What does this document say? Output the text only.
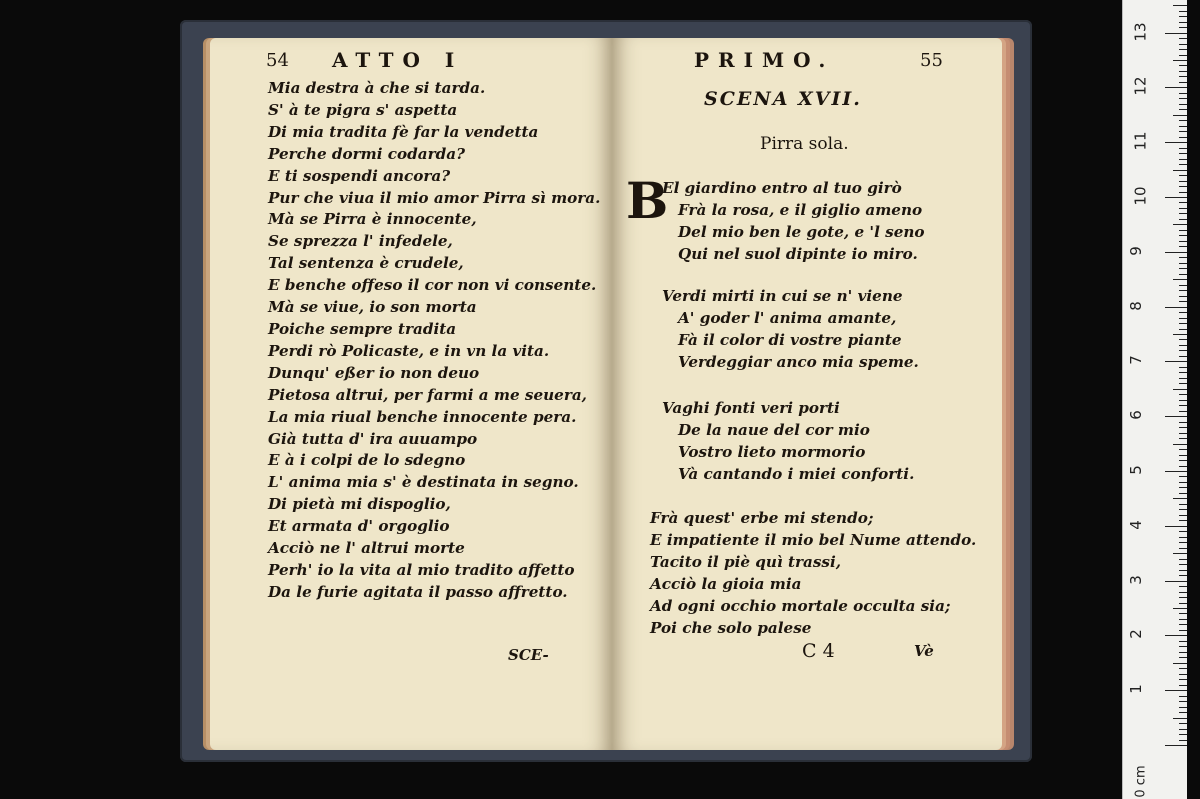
54 ATTO I
Mia destra à che si tarda.
S' à te pigra s' aspetta
Di mia tradita fè far la vendetta
Perche dormi codarda?
E ti sospendi ancora?
Pur che viua il mio amor Pirra sì mora.
Mà se Pirra è innocente,
Se sprezza l' infedele,
Tal sentenza è crudele,
E benche offeso il cor non vi consente.
Mà se viue, io son morta
Poiche sempre tradita
Perdi rò Policaste, e in vn la vita.
Dunqu' eßer io non deuo
Pietosa altrui, per farmi a me seuera,
La mia riual benche innocente pera.
Già tutta d' ira auuampo
E à i colpi de lo sdegno
L' anima mia s' è destinata in segno.
Di pietà mi dispoglio,
Et armata d' orgoglio
Acciò ne l' altrui morte
Perh' io la vita al mio tradito affetto
Da le furie agitata il passo affretto.
SCE-
PRIMO.	55
SCENA XVII.
Pirra sola.
B
El giardino entro al tuo girò
Frà la rosa, e il giglio ameno
Del mio ben le gote, e 'l seno
Qui nel suol dipinte io miro.
Verdi mirti in cui se n' viene
A' goder l' anima amante,
Fà il color di vostre piante
Verdeggiar anco mia speme.
Vaghi fonti veri porti
De la naue del cor mio
Vostro lieto mormorio
Và cantando i miei conforti.
Frà quest' erbe mi stendo;
E impatiente il mio bel Nume attendo.
Tacito il piè quì trassi,
Acciò la gioia mia
Ad ogni occhio mortale occulta sia;
Poi che solo palese
C 4	Vè
0 cm
1
2
3
4
5
6
7
8
9
10
11
12
13
